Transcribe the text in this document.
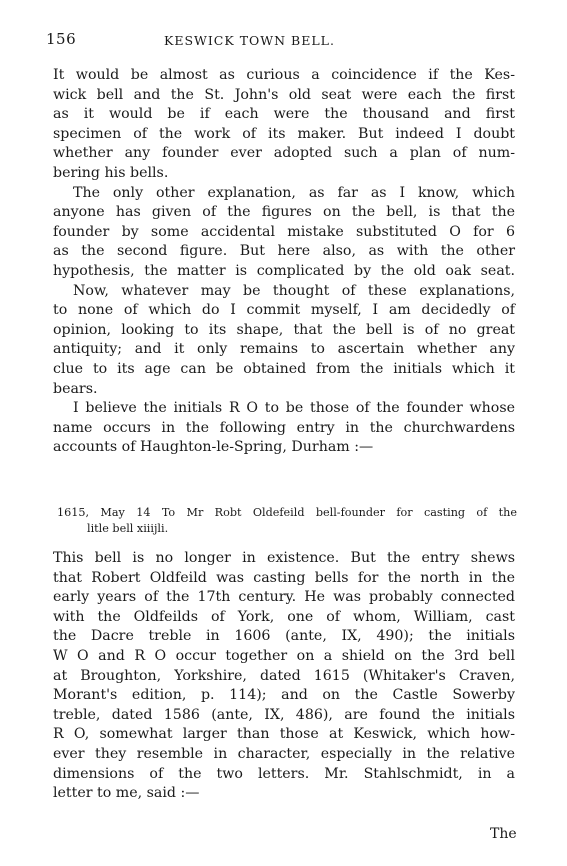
156	KESWICK TOWN BELL.
It would be almost as curious a coincidence if the Kes-
wick bell and the St. John's old seat were each the first
as it would be if each were the thousand and first
specimen of the work of its maker. But indeed I doubt
whether any founder ever adopted such a plan of num-
bering his bells.
The only other explanation, as far as I know, which
anyone has given of the figures on the bell, is that the
founder by some accidental mistake substituted O for 6
as the second figure. But here also, as with the other
hypothesis, the matter is complicated by the old oak seat.
Now, whatever may be thought of these explanations,
to none of which do I commit myself, I am decidedly of
opinion, looking to its shape, that the bell is of no great
antiquity; and it only remains to ascertain whether any
clue to its age can be obtained from the initials which it
bears.
I believe the initials R O to be those of the founder whose
name occurs in the following entry in the churchwardens
accounts of Haughton-le-Spring, Durham :—
1615, May 14 To Mr Robt Oldefeild bell-founder for casting of the
litle bell xiiijli.
This bell is no longer in existence. But the entry shews
that Robert Oldfeild was casting bells for the north in the
early years of the 17th century. He was probably connected
with the Oldfeilds of York, one of whom, William, cast
the Dacre treble in 1606 (ante, IX, 490); the initials
W O and R O occur together on a shield on the 3rd bell
at Broughton, Yorkshire, dated 1615 (Whitaker's Craven,
Morant's edition, p. 114); and on the Castle Sowerby
treble, dated 1586 (ante, IX, 486), are found the initials
R O, somewhat larger than those at Keswick, which how-
ever they resemble in character, especially in the relative
dimensions of the two letters. Mr. Stahlschmidt, in a
letter to me, said :—
The
